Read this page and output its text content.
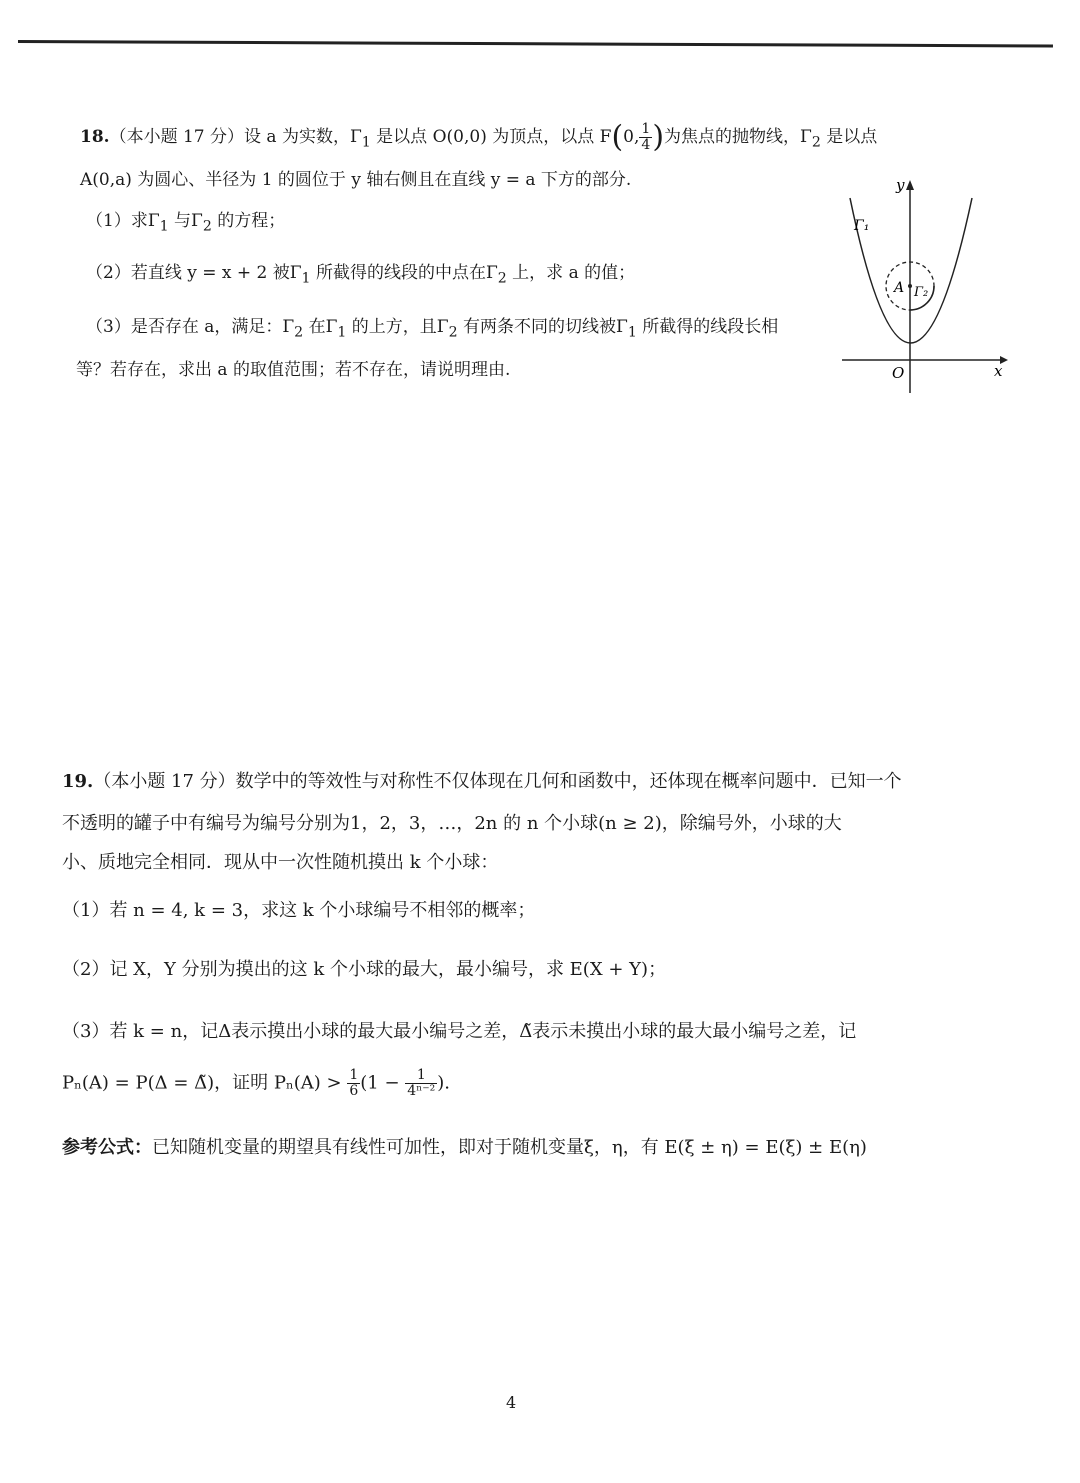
18.（本小题 17 分）设 a 为实数，$\Gamma_1$ 是以点 O(0,0) 为顶点，以点 F(0, $\frac{1}{4}$ )为焦点的抛物线，$\Gamma_2$ 是以点
A(0,a) 为圆心、半径为 1 的圆位于 y 轴右侧且在直线 y = a 下方的部分.
（1）求$\Gamma_1$ 与$\Gamma_2$ 的方程；
（2）若直线 y = x + 2 被$\Gamma_1$ 所截得的线段的中点在$\Gamma_2$ 上，求 a 的值；
（3）是否存在 a，满足：$\Gamma_2$ 在$\Gamma_1$ 的上方，且$\Gamma_2$ 有两条不同的切线被$\Gamma_1$ 所截得的线段长相
等？若存在，求出 a 的取值范围；若不存在，请说明理由.
y
x
O
Γ₁
A Γ₂
19.（本小题 17 分）数学中的等效性与对称性不仅体现在几何和函数中，还体现在概率问题中．已知一个
不透明的罐子中有编号为编号分别为1，2，3，…，2n 的 n 个小球(n ≥ 2)，除编号外，小球的大
小、质地完全相同．现从中一次性随机摸出 k 个小球：
（1）若 n = 4, k = 3，求这 k 个小球编号不相邻的概率；
（2）记 X，Y 分别为摸出的这 k 个小球的最大，最小编号，求 E(X + Y)；
（3）若 k = n，记Δ表示摸出小球的最大最小编号之差，Δ̃表示未摸出小球的最大最小编号之差，记
Pₙ(A) = P(Δ = Δ̃)，证明 $P_n(A) > \frac{1}{6} (1 - \frac{1}{\text{4ⁿ⁻²}}$ ).
参考公式：已知随机变量的期望具有线性可加性，即对于随机变量ξ，η，有 E(ξ ± η) = E(ξ) ± E(η)
4
